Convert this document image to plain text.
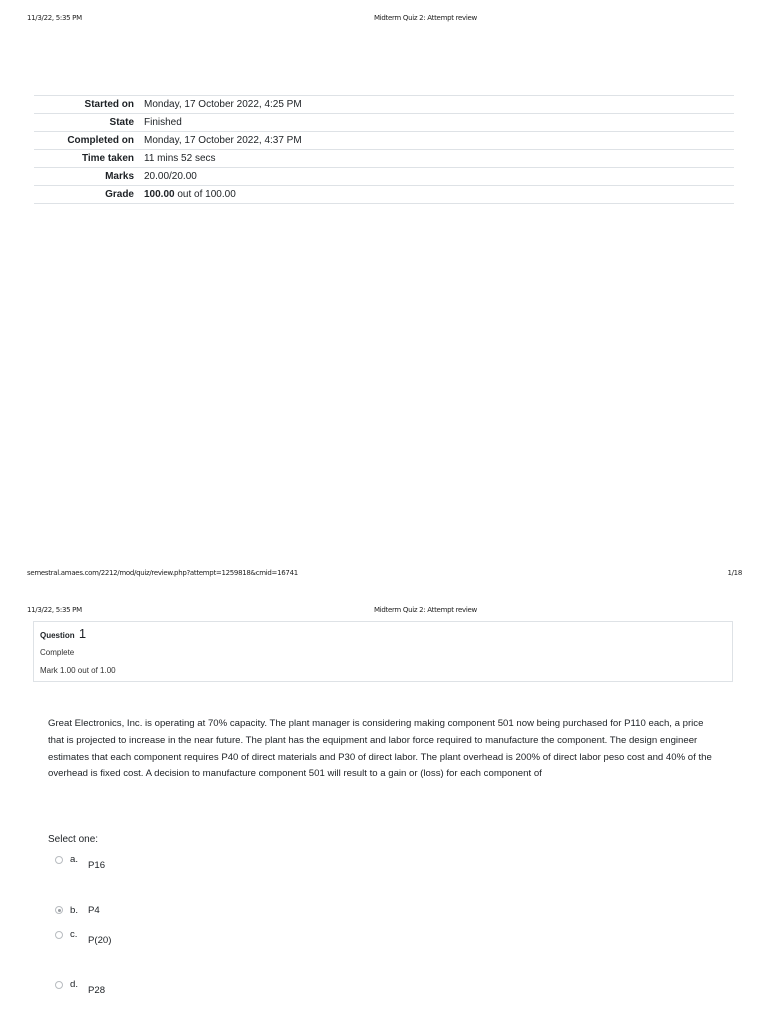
11/3/22, 5:35 PM	Midterm Quiz 2: Attempt review
Started on	Monday, 17 October 2022, 4:25 PM
State	Finished
Completed on	Monday, 17 October 2022, 4:37 PM
Time taken	11 mins 52 secs
Marks	20.00/20.00
Grade	100.00 out of 100.00
semestral.amaes.com/2212/mod/quiz/review.php?attempt=1259818&cmid=16741	1/18
11/3/22, 5:35 PM	Midterm Quiz 2: Attempt review
Question 1
Complete
Mark 1.00 out of 1.00
Great Electronics, Inc. is operating at 70% capacity. The plant manager is considering making component 501 now being purchased for P110 each, a price that is projected to increase in the near future. The plant has the equipment and labor force required to manufacture the component. The design engineer estimates that each component requires P40 of direct materials and P30 of direct labor. The plant overhead is 200% of direct labor peso cost and 40% of the overhead is fixed cost. A decision to manufacture component 501 will result to a gain or (loss) for each component of
Select one:
a.
P16
b. P4
c.
P(20)
d.
P28
